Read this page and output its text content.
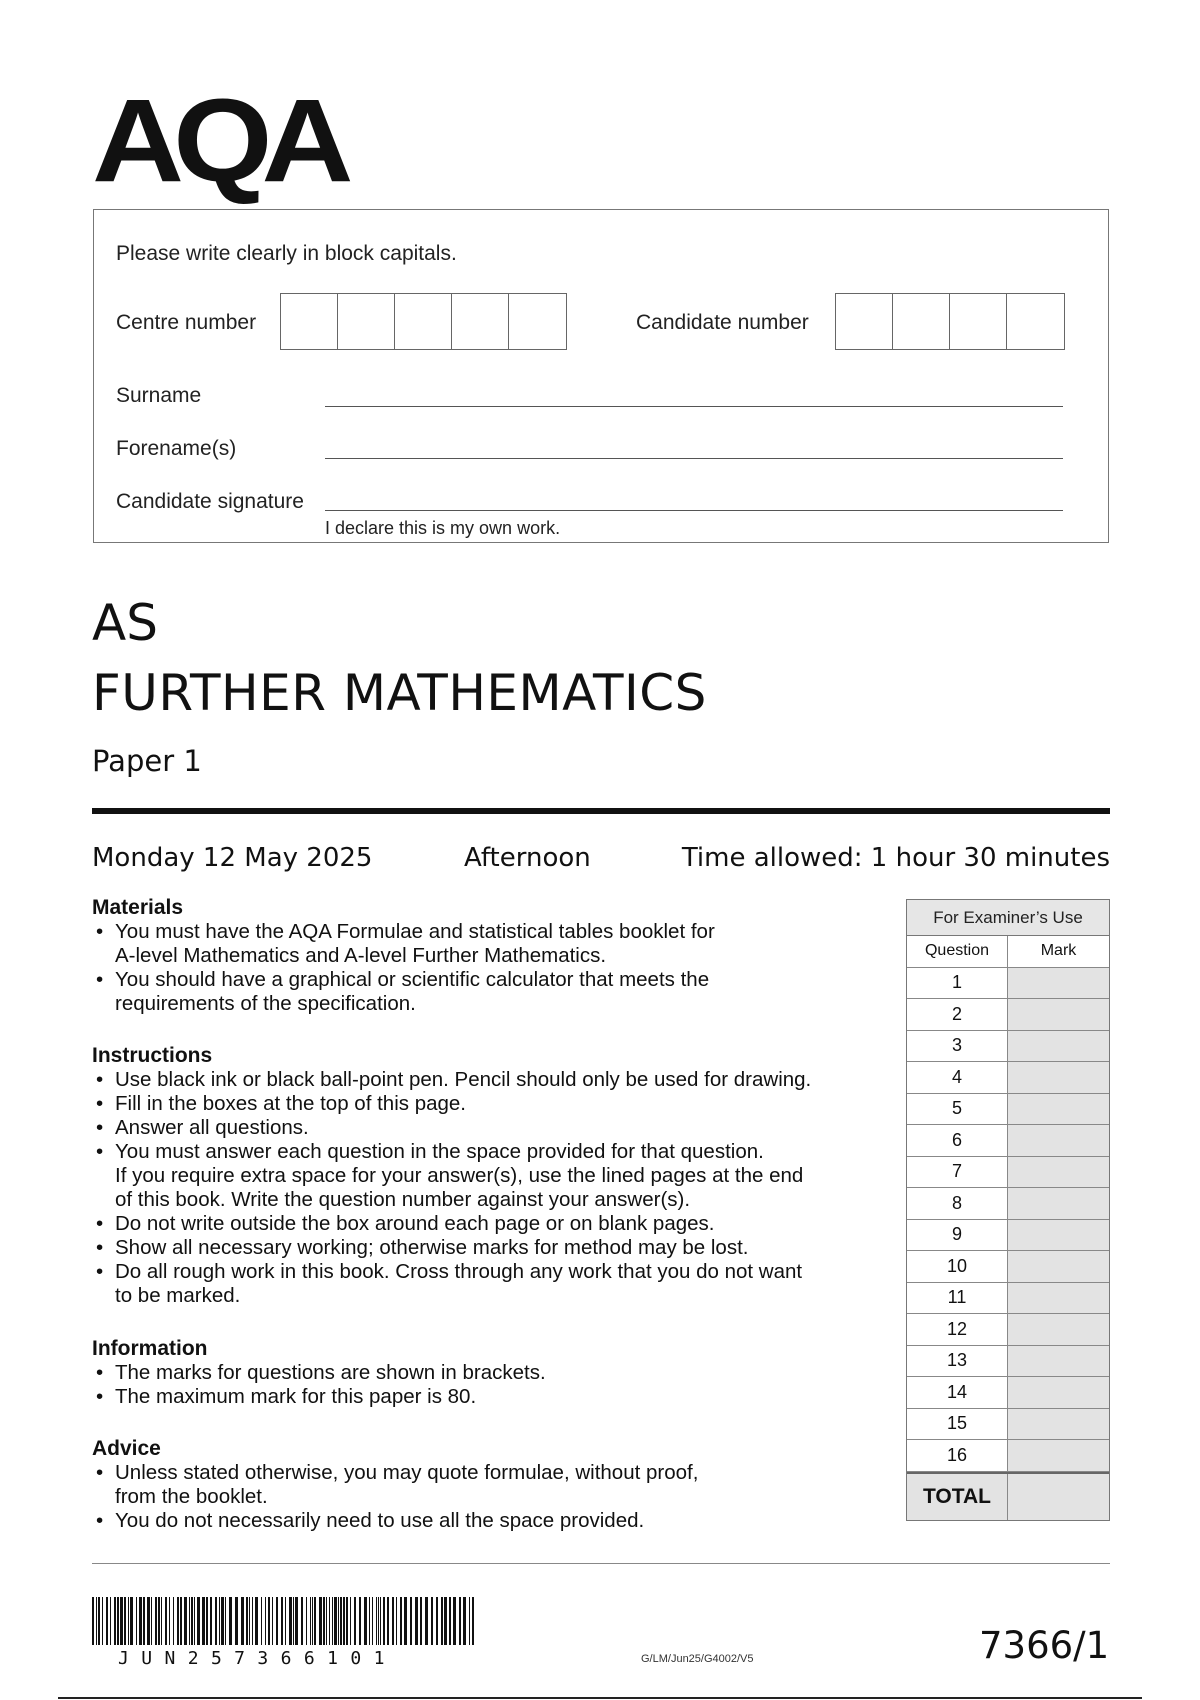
AQA
Please write clearly in block capitals.
Centre number	Candidate number
Surname
Forename(s)
Candidate signature
I declare this is my own work.
AS
FURTHER MATHEMATICS
Paper 1
Monday 12 May 2025	Afternoon	Time allowed: 1 hour 30 minutes
Materials
• You must have the AQA Formulae and statistical tables booklet for
A-level Mathematics and A-level Further Mathematics.
• You should have a graphical or scientific calculator that meets the
requirements of the specification.
Instructions
• Use black ink or black ball-point pen. Pencil should only be used for drawing.
• Fill in the boxes at the top of this page.
• Answer all questions.
• You must answer each question in the space provided for that question.
If you require extra space for your answer(s), use the lined pages at the end
of this book. Write the question number against your answer(s).
• Do not write outside the box around each page or on blank pages.
• Show all necessary working; otherwise marks for method may be lost.
• Do all rough work in this book. Cross through any work that you do not want
to be marked.
Information
• The marks for questions are shown in brackets.
• The maximum mark for this paper is 80.
Advice
• Unless stated otherwise, you may quote formulae, without proof,
from the booklet.
• You do not necessarily need to use all the space provided.
For Examiner’s Use
Question	Mark
1
2
3
4
5
6
7
8
9
10
11
12
13
14
15
16
TOTAL
JUN257366101	G/LM/Jun25/G4002/V5	7366/1
